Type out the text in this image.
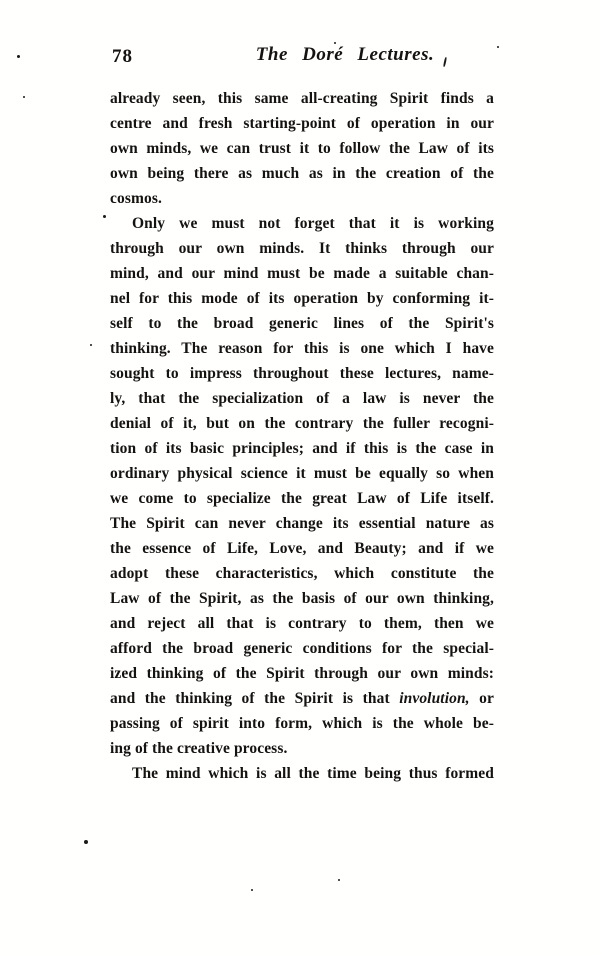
78	The Doré Lectures.
already seen, this same all-creating Spirit finds a
centre and fresh starting-point of operation in our
own minds, we can trust it to follow the Law of its
own being there as much as in the creation of the
cosmos.
Only we must not forget that it is working
through our own minds. It thinks through our
mind, and our mind must be made a suitable chan-
nel for this mode of its operation by conforming it-
self to the broad generic lines of the Spirit's
thinking. The reason for this is one which I have
sought to impress throughout these lectures, name-
ly, that the specialization of a law is never the
denial of it, but on the contrary the fuller recogni-
tion of its basic principles; and if this is the case in
ordinary physical science it must be equally so when
we come to specialize the great Law of Life itself.
The Spirit can never change its essential nature as
the essence of Life, Love, and Beauty; and if we
adopt these characteristics, which constitute the
Law of the Spirit, as the basis of our own thinking,
and reject all that is contrary to them, then we
afford the broad generic conditions for the special-
ized thinking of the Spirit through our own minds:
and the thinking of the Spirit is that involution, or
passing of spirit into form, which is the whole be-
ing of the creative process.
The mind which is all the time being thus formed
